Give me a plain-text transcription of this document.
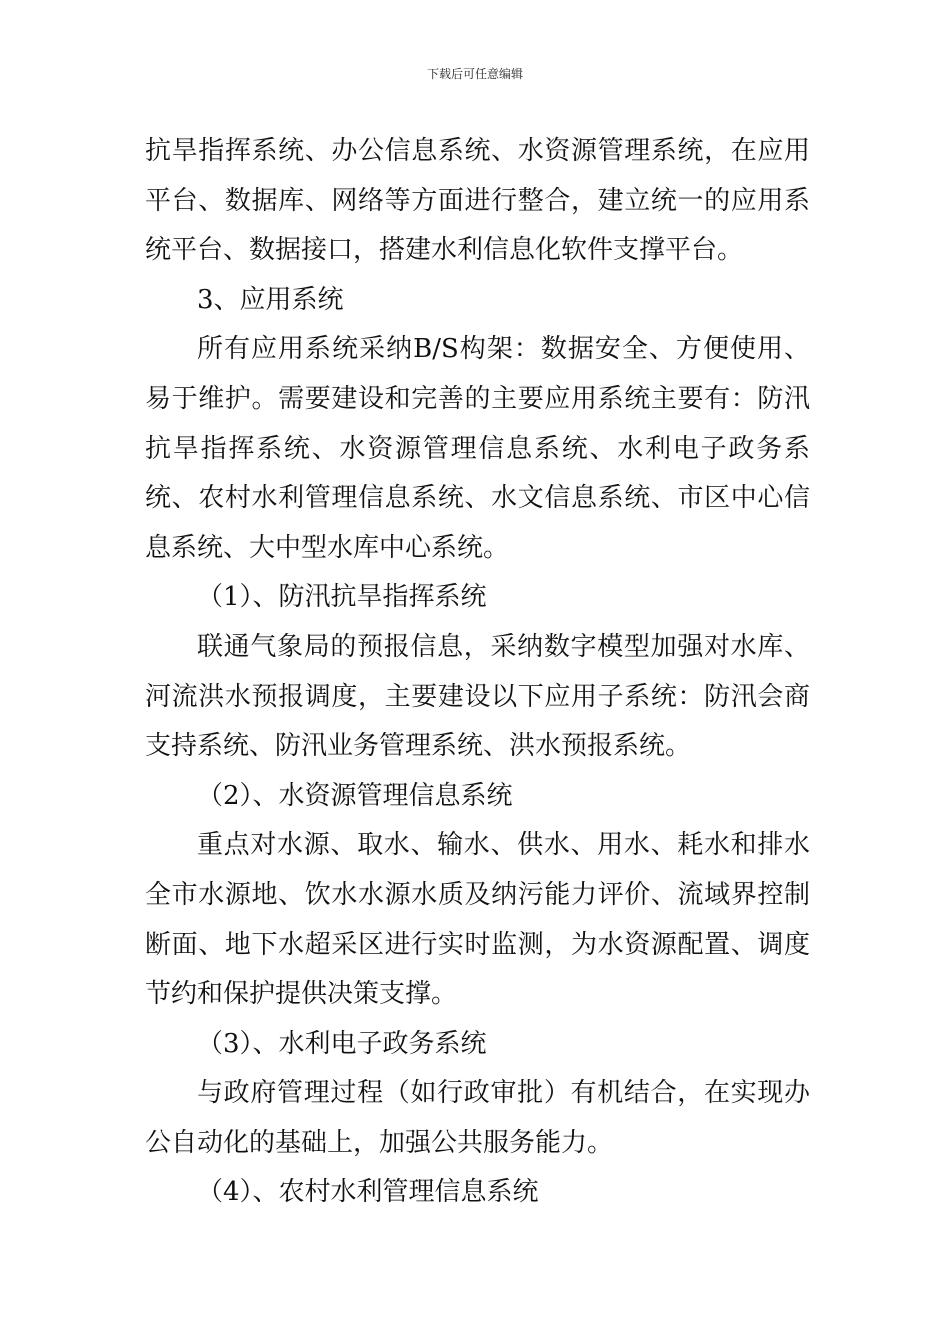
下载后可任意编辑

抗旱指挥系统、办公信息系统、水资源管理系统，在应用平台、数据库、网络等方面进行整合，建立统一的应用系统平台、数据接口，搭建水利信息化软件支撑平台。

3、应用系统

所有应用系统采纳B/S构架：数据安全、方便使用、易于维护。需要建设和完善的主要应用系统主要有：防汛抗旱指挥系统、水资源管理信息系统、水利电子政务系统、农村水利管理信息系统、水文信息系统、市区中心信息系统、大中型水库中心系统。

（1）、防汛抗旱指挥系统

联通气象局的预报信息，采纳数字模型加强对水库、河流洪水预报调度，主要建设以下应用子系统：防汛会商支持系统、防汛业务管理系统、洪水预报系统。

（2）、水资源管理信息系统

重点对水源、取水、输水、供水、用水、耗水和排水全市水源地、饮水水源水质及纳污能力评价、流域界控制断面、地下水超采区进行实时监测，为水资源配置、调度节约和保护提供决策支撑。

（3）、水利电子政务系统

与政府管理过程（如行政审批）有机结合，在实现办公自动化的基础上，加强公共服务能力。

（4）、农村水利管理信息系统
